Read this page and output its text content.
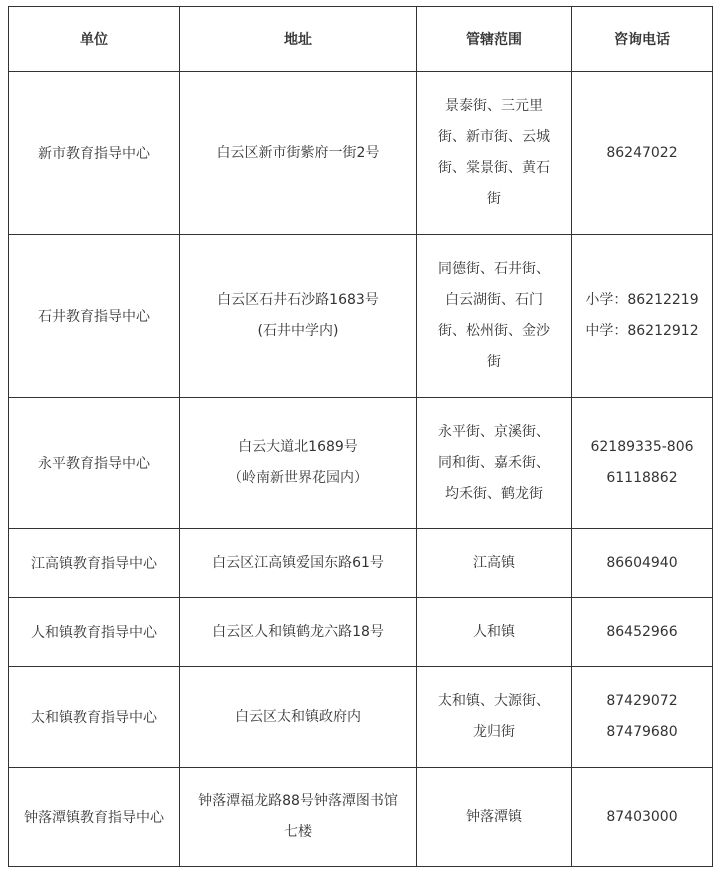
单位	地址	管辖范围	咨询电话
新市教育指导中心	白云区新市街紫府一街2号	景泰街、三元里
街、新市街、云城
街、棠景街、黄石
街	86247022

石井教育指导中心	白云区石井石沙路1683号
(石井中学内)	同德街、石井街、
白云湖街、石门
街、松州街、金沙
街	小学：86212219
中学：86212912

永平教育指导中心	白云大道北1689号
（岭南新世界花园内）	永平街、京溪街、
同和街、嘉禾街、
均禾街、鹤龙街	62189335-806
61118862

江高镇教育指导中心	白云区江高镇爱国东路61号	江高镇	86604940

人和镇教育指导中心	白云区人和镇鹤龙六路18号	人和镇	86452966

太和镇教育指导中心	白云区太和镇政府内	太和镇、大源街、
龙归街	87429072
87479680

钟落潭镇教育指导中心	钟落潭福龙路88号钟落潭图书馆
七楼	钟落潭镇	87403000
